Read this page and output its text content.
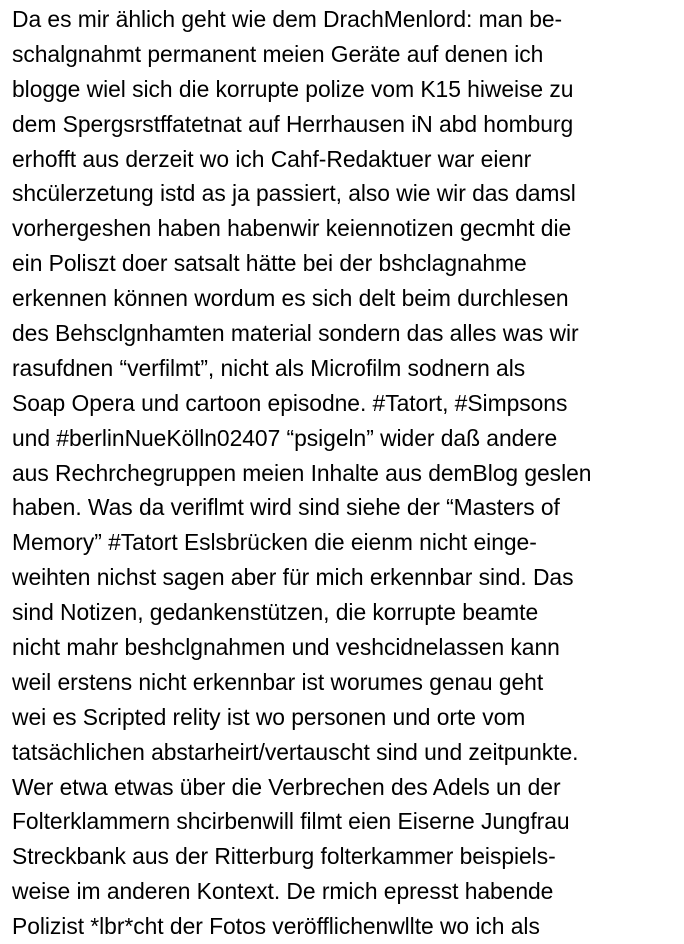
Da es mir ählich geht wie dem DrachMenlord: man be-
schalgnahmt permanent meien Geräte auf denen ich
blogge wiel sich die korrupte polize vom K15 hiweise zu
dem Spergsrstffatetnat auf Herrhausen iN abd homburg
erhofft aus derzeit wo ich Cahf-Redaktuer war eienr
shcülerzetung istd as ja passiert, also wie wir das damsl
vorhergeshen haben habenwir keiennotizen gecmht die
ein Poliszt doer satsalt hätte bei der bshclagnahme
erkennen können wordum es sich delt beim durchlesen
des Behsclgnhamten material sondern das alles was wir
rasufdnen “verfilmt”, nicht als Microfilm sodnern als
Soap Opera und cartoon episodne. #Tatort, #Simpsons
und #berlinNueKölln02407 “psigeln” wider daß andere
aus Rechrchegruppen meien Inhalte aus demBlog geslen
haben. Was da veriflmt wird sind siehe der “Masters of
Memory” #Tatort Eslsbrücken die eienm nicht einge-
weihten nichst sagen aber für mich erkennbar sind. Das
sind Notizen, gedankenstützen, die korrupte beamte
nicht mahr beshclgnahmen und veshcidnelassen kann
weil erstens nicht erkennbar ist worumes genau geht
wei es Scripted relity ist wo personen und orte vom
tatsächlichen abstarheirt/vertauscht sind und zeitpunkte.
Wer etwa etwas über die Verbrechen des Adels un der
Folterklammern shcirbenwill filmt eien Eiserne Jungfrau
Streckbank aus der Ritterburg folterkammer beispiels-
weise im anderen Kontext. De rmich epresst habende
Polizist *lbr*cht der Fotos veröfflichenwllte wo ich als
